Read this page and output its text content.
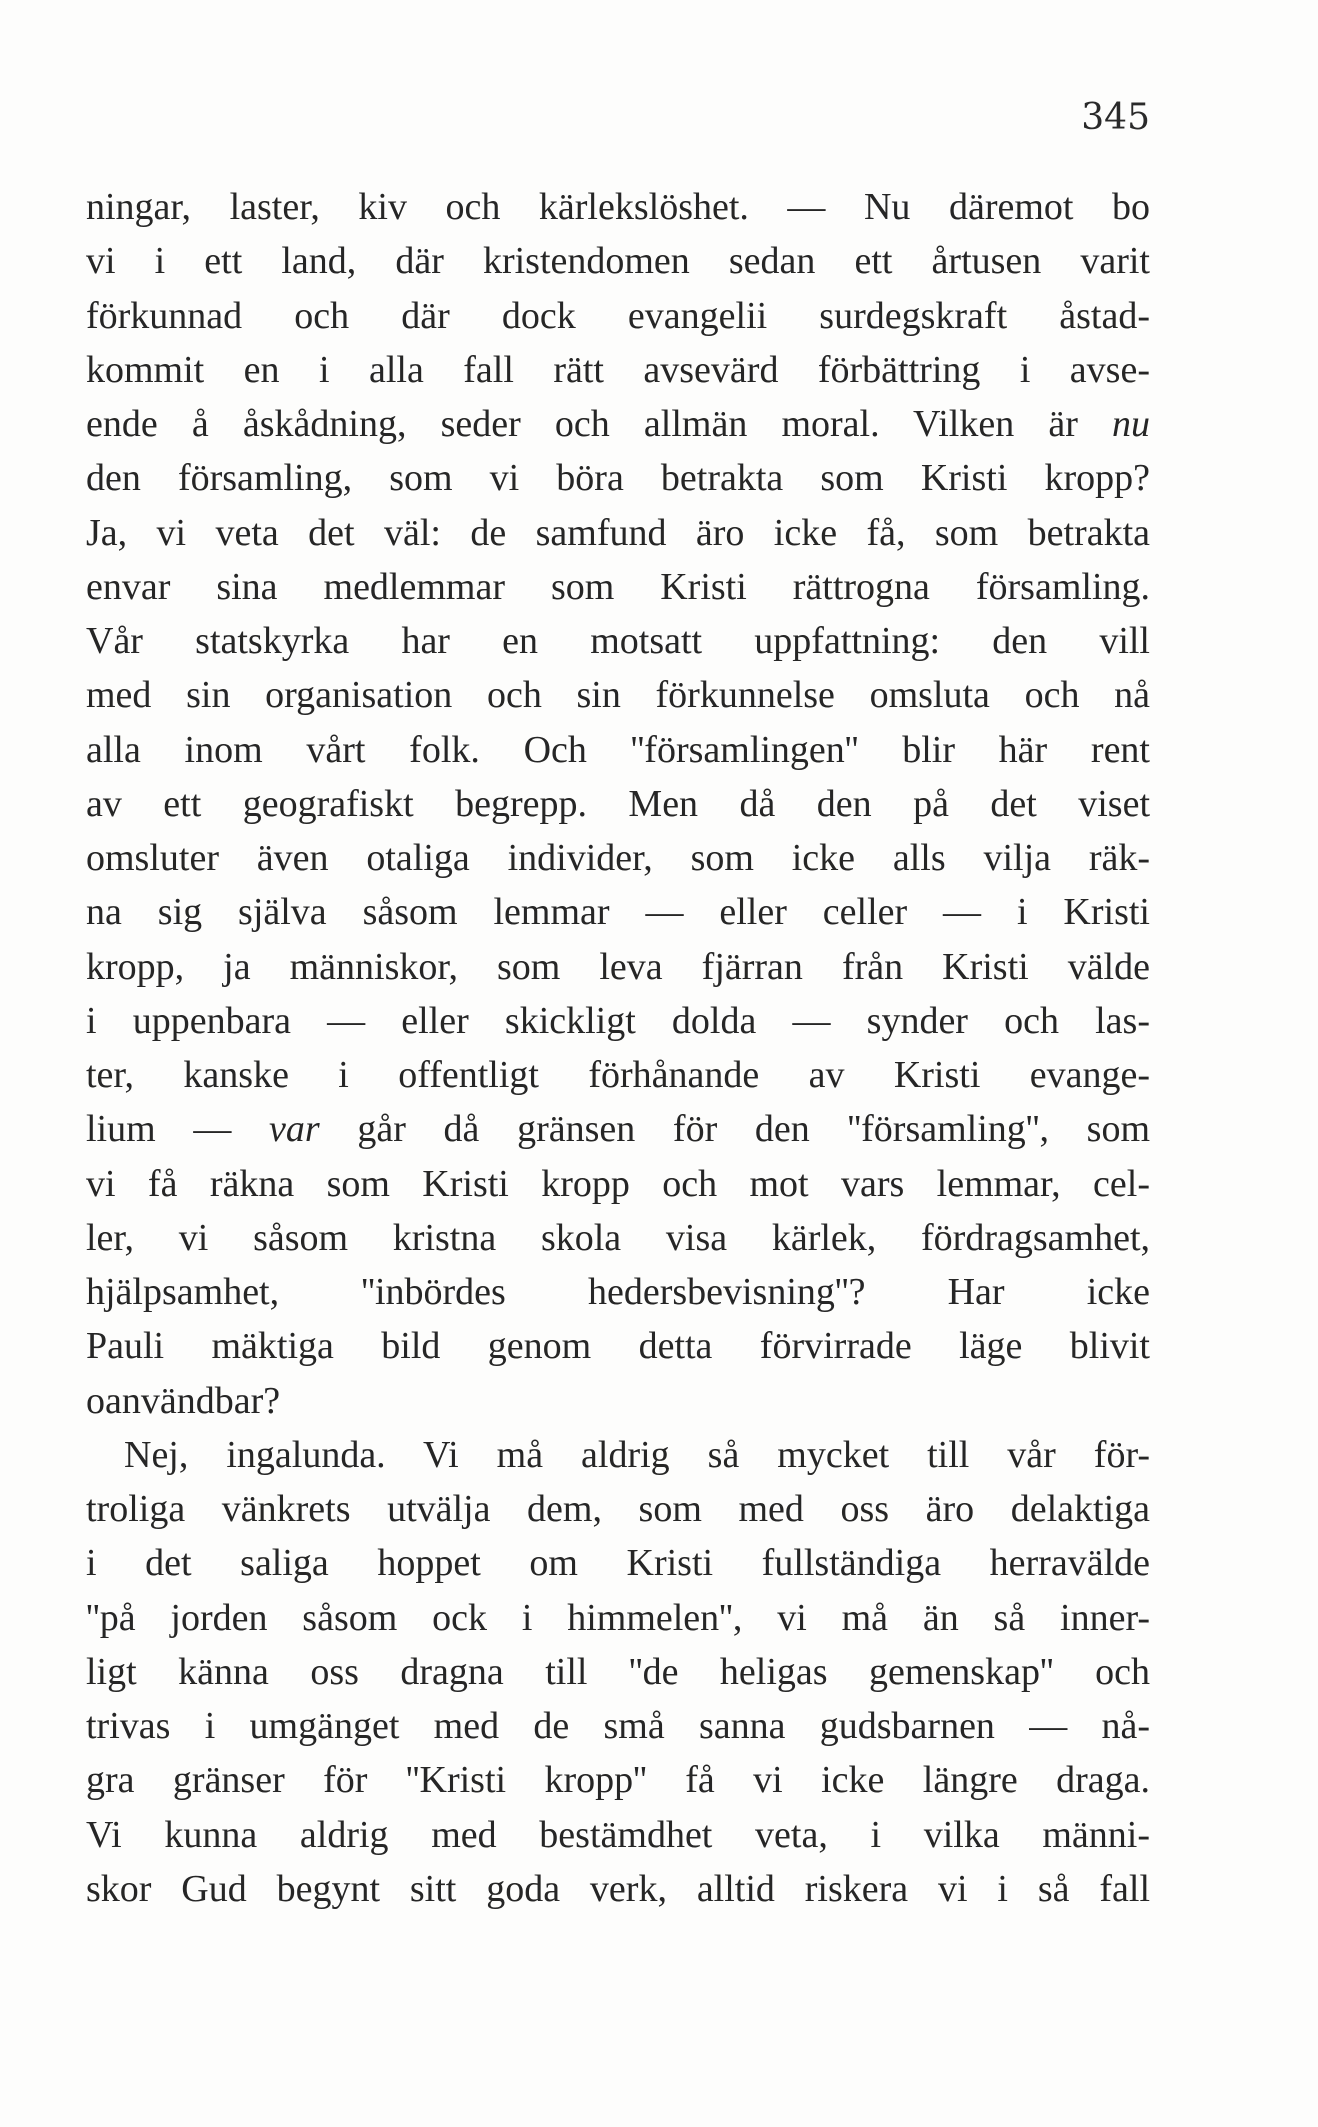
345
ningar, laster, kiv och kärlekslöshet. — Nu däremot bo
vi i ett land, där kristendomen sedan ett årtusen varit
förkunnad och där dock evangelii surdegskraft åstad-
kommit en i alla fall rätt avsevärd förbättring i avse-
ende å åskådning, seder och allmän moral. Vilken är nu
den församling, som vi böra betrakta som Kristi kropp?
Ja, vi veta det väl: de samfund äro icke få, som betrakta
envar sina medlemmar som Kristi rättrogna församling.
Vår statskyrka har en motsatt uppfattning: den vill
med sin organisation och sin förkunnelse omsluta och nå
alla inom vårt folk. Och ''församlingen'' blir här rent
av ett geografiskt begrepp. Men då den på det viset
omsluter även otaliga individer, som icke alls vilja räk-
na sig själva såsom lemmar — eller celler — i Kristi
kropp, ja människor, som leva fjärran från Kristi välde
i uppenbara — eller skickligt dolda — synder och las-
ter, kanske i offentligt förhånande av Kristi evange-
lium — var går då gränsen för den ''församling'', som
vi få räkna som Kristi kropp och mot vars lemmar, cel-
ler, vi såsom kristna skola visa kärlek, fördragsamhet,
hjälpsamhet, ''inbördes hedersbevisning''? Har icke
Pauli mäktiga bild genom detta förvirrade läge blivit
oanvändbar?
Nej, ingalunda. Vi må aldrig så mycket till vår för-
troliga vänkrets utvälja dem, som med oss äro delaktiga
i det saliga hoppet om Kristi fullständiga herravälde
''på jorden såsom ock i himmelen'', vi må än så inner-
ligt känna oss dragna till ''de heligas gemenskap'' och
trivas i umgänget med de små sanna gudsbarnen — nå-
gra gränser för ''Kristi kropp'' få vi icke längre draga.
Vi kunna aldrig med bestämdhet veta, i vilka männi-
skor Gud begynt sitt goda verk, alltid riskera vi i så fall
